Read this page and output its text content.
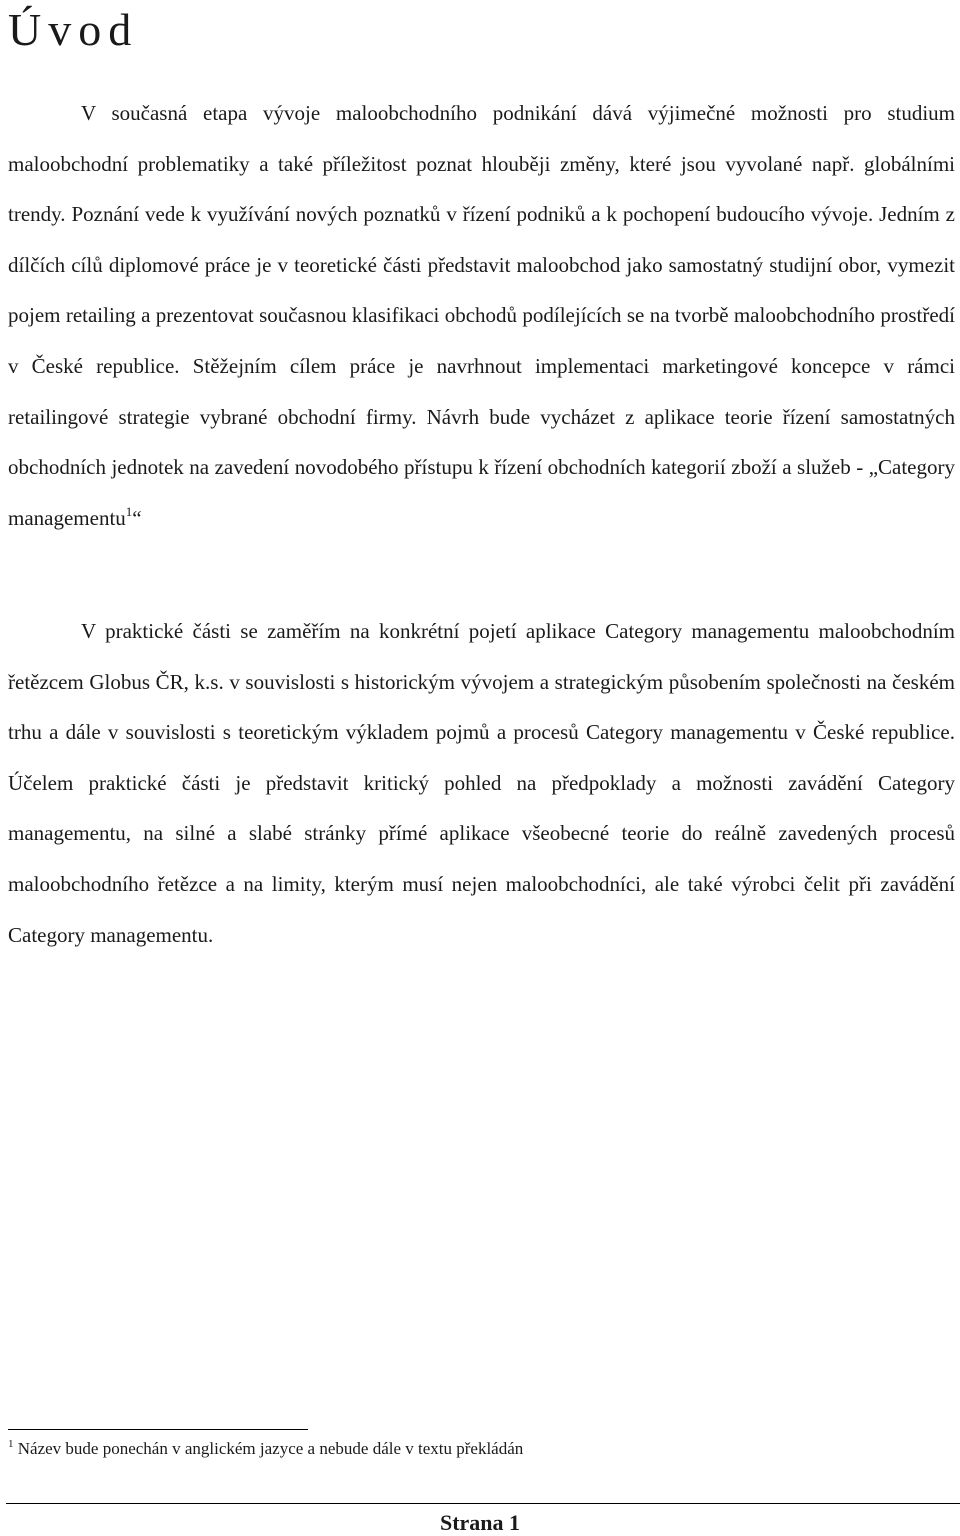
Úvod

V současná etapa vývoje maloobchodního podnikání dává výjimečné možnosti pro studium maloobchodní problematiky a také příležitost poznat hlouběji změny, které jsou vyvolané např. globálními trendy. Poznání vede k využívání nových poznatků v řízení podniků a k pochopení budoucího vývoje. Jedním z dílčích cílů diplomové práce je v teoretické části představit maloobchod jako samostatný studijní obor, vymezit pojem retailing a prezentovat současnou klasifikaci obchodů podílejících se na tvorbě maloobchodního prostředí v České republice. Stěžejním cílem práce je navrhnout implementaci marketingové koncepce v rámci retailingové strategie vybrané obchodní firmy. Návrh bude vycházet z aplikace teorie řízení samostatných obchodních jednotek na zavedení novodobého přístupu k řízení obchodních kategorií zboží a služeb - „Category managementu$^1$“

V praktické části se zaměřím na konkrétní pojetí aplikace Category managementu maloobchodním řetězcem Globus ČR, k.s. v souvislosti s historickým vývojem a strategickým působením společnosti na českém trhu a dále v souvislosti s teoretickým výkladem pojmů a procesů Category managementu v České republice. Účelem praktické části je představit kritický pohled na předpoklady a možnosti zavádění Category managementu, na silné a slabé stránky přímé aplikace všeobecné teorie do reálně zavedených procesů maloobchodního řetězce a na limity, kterým musí nejen maloobchodníci, ale také výrobci čelit při zavádění Category managementu.

$^1$ Název bude ponechán v anglickém jazyce a nebude dále v textu překládán

Strana 1
